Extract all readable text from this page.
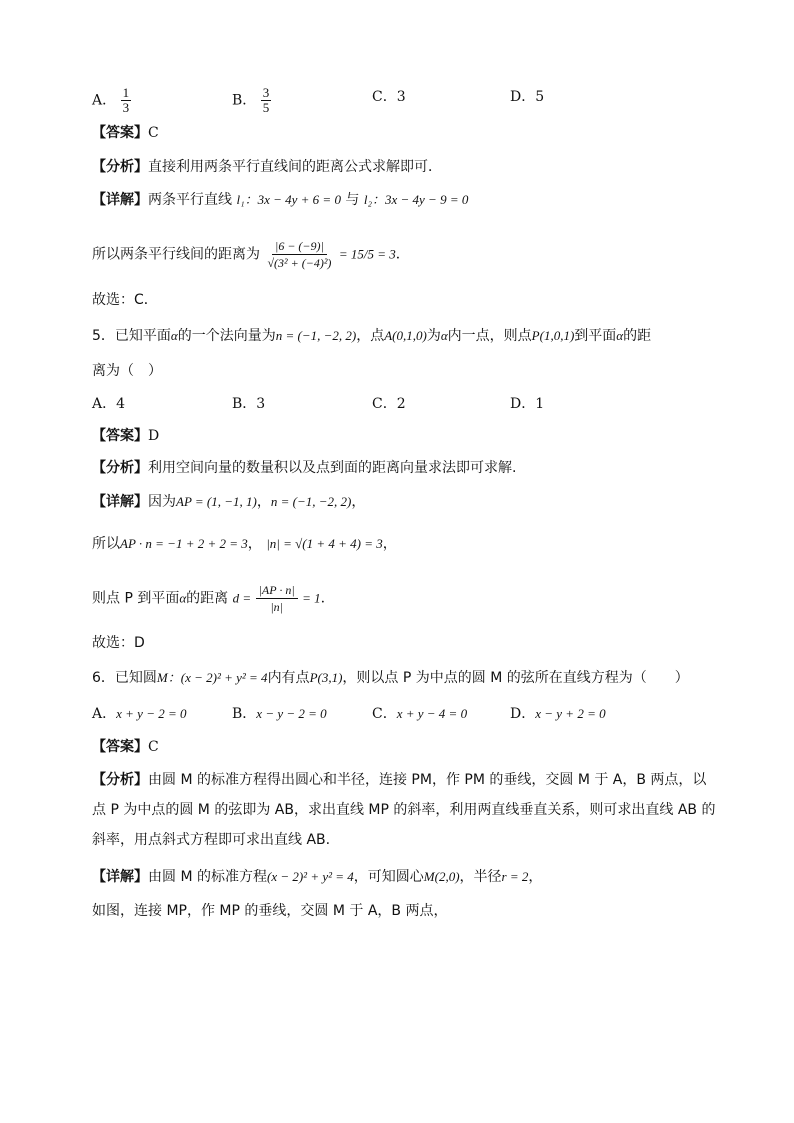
A． $\frac{1}{3}$	B． $\frac{3}{5}$	C．3	D．5
【答案】C
【分析】直接利用两条平行直线间的距离公式求解即可．
【详解】两条平行直线 l₁：3x − 4y + 6 = 0 与 l₂：3x − 4y − 9 = 0
所以两条平行线间的距离为 $\frac{|6 - (-9)|}{\text{√(3² + (−4)²)}} = 15/5 = 3$．
故选：C．
5．已知平面α的一个法向量为n = (−1, −2, 2)，点A(0,1,0)为α内一点，则点P(1,0,1)到平面α的距
离为（　）
A．4	B．3	C．2	D．1
【答案】D
【分析】利用空间向量的数量积以及点到面的距离向量求法即可求解.
【详解】因为AP = (1, −1, 1)，n = (−1, −2, 2)，
所以AP · n = −1 + 2 + 2 = 3， |n| = √(1 + 4 + 4) = 3，
则点 P 到平面α的距离 $d = \frac{|AP \cdot n|}{|n|} = 1$.
故选：D
6．已知圆M：(x − 2)² + y² = 4内有点P(3,1)，则以点 P 为中点的圆 M 的弦所在直线方程为（　　）
A．x + y − 2 = 0	B．x − y − 2 = 0	C．x + y − 4 = 0	D．x − y + 2 = 0
【答案】C
【分析】由圆 M 的标准方程得出圆心和半径，连接 PM，作 PM 的垂线，交圆 M 于 A，B 两点，以
点 P 为中点的圆 M 的弦即为 AB，求出直线 MP 的斜率，利用两直线垂直关系，则可求出直线 AB 的
斜率，用点斜式方程即可求出直线 AB.
【详解】由圆 M 的标准方程(x − 2)² + y² = 4，可知圆心M(2,0)，半径r = 2，
如图，连接 MP，作 MP 的垂线，交圆 M 于 A，B 两点，
